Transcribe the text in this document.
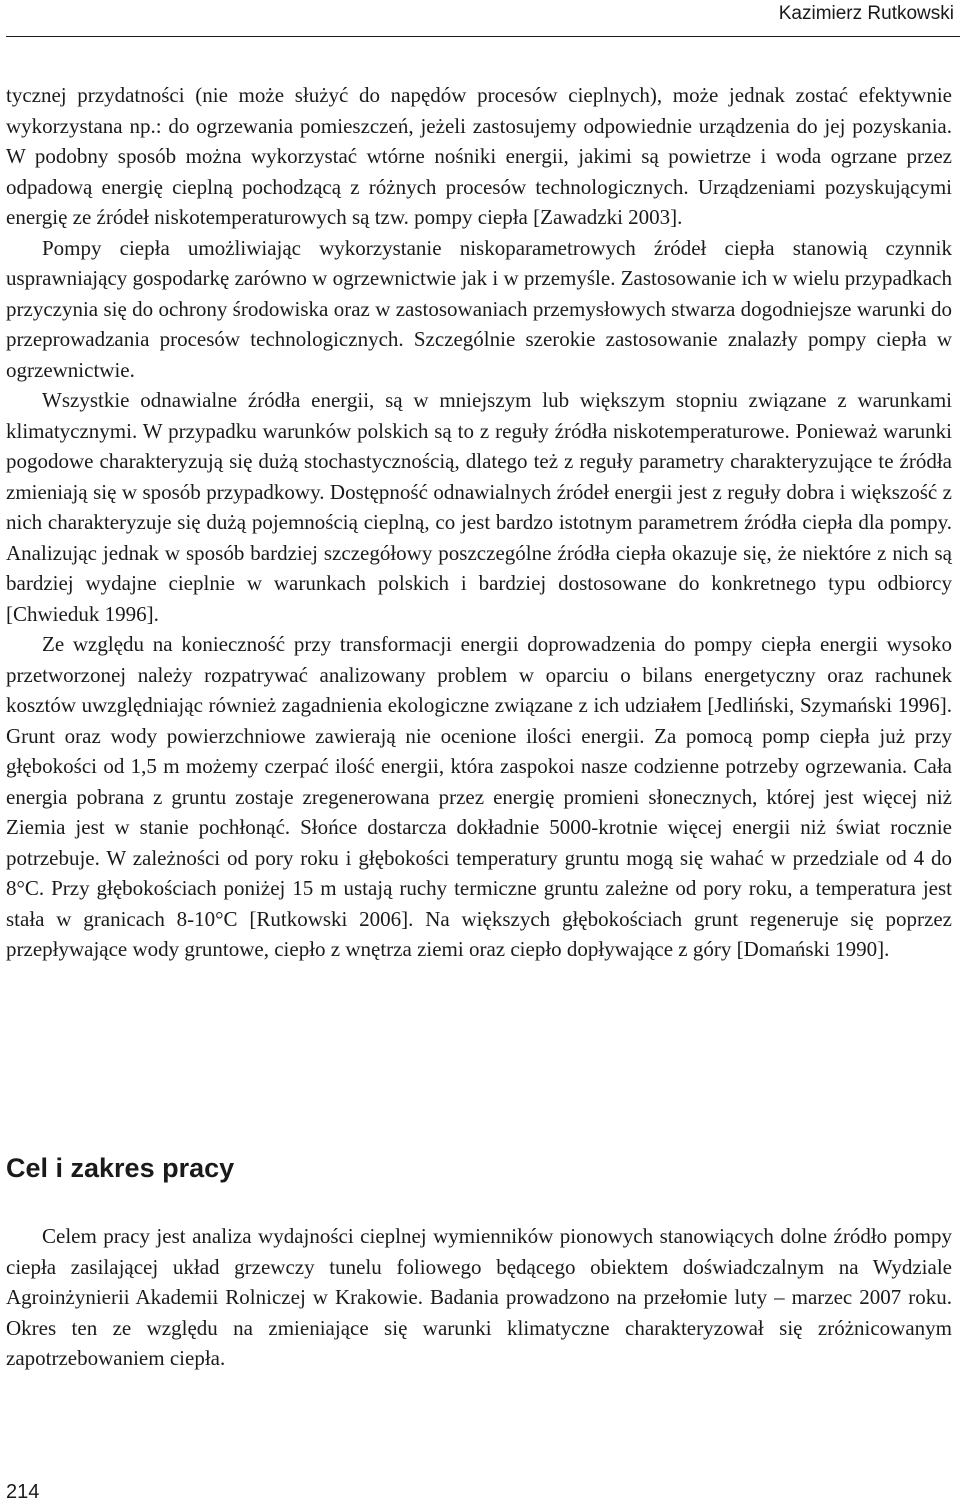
Kazimierz Rutkowski

tycznej przydatności (nie może służyć do napędów procesów cieplnych), może jednak zostać efektywnie wykorzystana np.: do ogrzewania pomieszczeń, jeżeli zastosujemy odpowiednie urządzenia do jej pozyskania. W podobny sposób można wykorzystać wtórne nośniki energii, jakimi są powietrze i woda ogrzane przez odpadową energię cieplną pochodzącą z różnych procesów technologicznych. Urządzeniami pozyskującymi energię ze źródeł niskotemperaturowych są tzw. pompy ciepła [Zawadzki 2003].

Pompy ciepła umożliwiając wykorzystanie niskoparametrowych źródeł ciepła stanowią czynnik usprawniający gospodarkę zarówno w ogrzewnictwie jak i w przemyśle. Zastosowanie ich w wielu przypadkach przyczynia się do ochrony środowiska oraz w zastosowaniach przemysłowych stwarza dogodniejsze warunki do przeprowadzania procesów technologicznych. Szczególnie szerokie zastosowanie znalazły pompy ciepła w ogrzewnictwie.

Wszystkie odnawialne źródła energii, są w mniejszym lub większym stopniu związane z warunkami klimatycznymi. W przypadku warunków polskich są to z reguły źródła niskotemperaturowe. Ponieważ warunki pogodowe charakteryzują się dużą stochastycznością, dlatego też z reguły parametry charakteryzujące te źródła zmieniają się w sposób przypadkowy. Dostępność odnawialnych źródeł energii jest z reguły dobra i większość z nich charakteryzuje się dużą pojemnością cieplną, co jest bardzo istotnym parametrem źródła ciepła dla pompy. Analizując jednak w sposób bardziej szczegółowy poszczególne źródła ciepła okazuje się, że niektóre z nich są bardziej wydajne cieplnie w warunkach polskich i bardziej dostosowane do konkretnego typu odbiorcy [Chwieduk 1996].

Ze względu na konieczność przy transformacji energii doprowadzenia do pompy ciepła energii wysoko przetworzonej należy rozpatrywać analizowany problem w oparciu o bilans energetyczny oraz rachunek kosztów uwzględniając również zagadnienia ekologiczne związane z ich udziałem [Jedliński, Szymański 1996]. Grunt oraz wody powierzchniowe zawierają nie ocenione ilości energii. Za pomocą pomp ciepła już przy głębokości od 1,5 m możemy czerpać ilość energii, która zaspokoi nasze codzienne potrzeby ogrzewania. Cała energia pobrana z gruntu zostaje zregenerowana przez energię promieni słonecznych, której jest więcej niż Ziemia jest w stanie pochłonąć. Słońce dostarcza dokładnie 5000-krotnie więcej energii niż świat rocznie potrzebuje. W zależności od pory roku i głębokości temperatury gruntu mogą się wahać w przedziale od 4 do 8°C. Przy głębokościach poniżej 15 m ustają ruchy termiczne gruntu zależne od pory roku, a temperatura jest stała w granicach 8-10°C [Rutkowski 2006]. Na większych głębokościach grunt regeneruje się poprzez przepływające wody gruntowe, ciepło z wnętrza ziemi oraz ciepło dopływające z góry [Domański 1990].

Cel i zakres pracy

Celem pracy jest analiza wydajności cieplnej wymienników pionowych stanowiących dolne źródło pompy ciepła zasilającej układ grzewczy tunelu foliowego będącego obiektem doświadczalnym na Wydziale Agroinżynierii Akademii Rolniczej w Krakowie. Badania prowadzono na przełomie luty – marzec 2007 roku. Okres ten ze względu na zmieniające się warunki klimatyczne charakteryzował się zróżnicowanym zapotrzebowaniem ciepła.

214
